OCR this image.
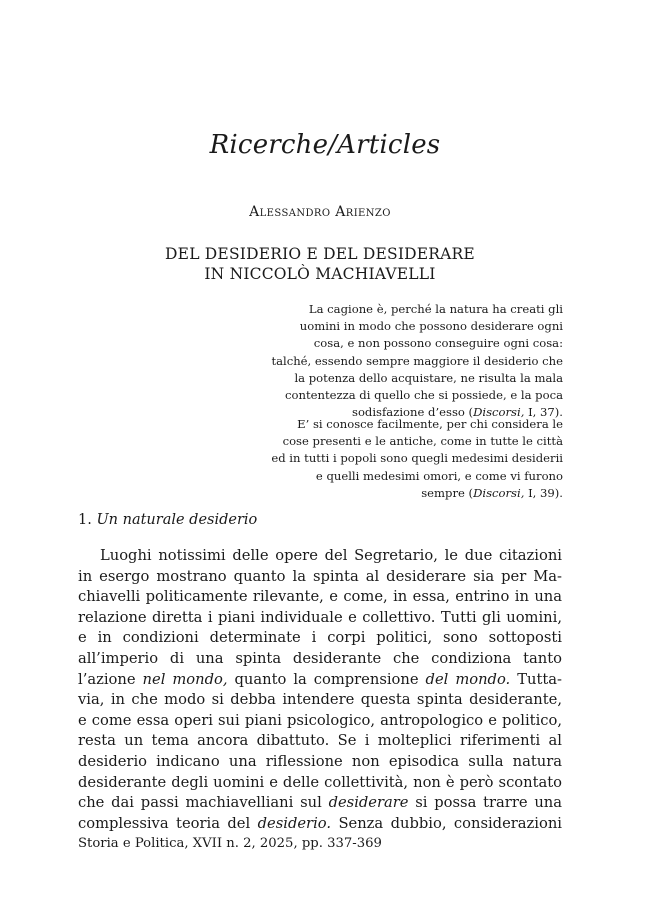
Ricerche/Articles
Alessandro Arienzo
DEL DESIDERIO E DEL DESIDERARE
IN NICCOLÒ MACHIAVELLI
La cagione è, perché la natura ha creati gli
uomini in modo che possono desiderare ogni
cosa, e non possono conseguire ogni cosa:
talché, essendo sempre maggiore il desiderio che
la potenza dello acquistare, ne risulta la mala
contentezza di quello che si possiede, e la poca
sodisfazione d’esso (Discorsi, I, 37).
E’ si conosce facilmente, per chi considera le
cose presenti e le antiche, come in tutte le città
ed in tutti i popoli sono quegli medesimi desiderii
e quelli medesimi omori, e come vi furono
sempre (Discorsi, I, 39).
1. Un naturale desiderio
Luoghi notissimi delle opere del Segretario, le due citazioni
in esergo mostrano quanto la spinta al desiderare sia per Ma-
chiavelli politicamente rilevante, e come, in essa, entrino in una
relazione diretta i piani individuale e collettivo. Tutti gli uomini,
e in condizioni determinate i corpi politici, sono sottoposti
all’imperio di una spinta desiderante che condiziona tanto
l’azione nel mondo, quanto la comprensione del mondo. Tutta-
via, in che modo si debba intendere questa spinta desiderante,
e come essa operi sui piani psicologico, antropologico e politico,
resta un tema ancora dibattuto. Se i molteplici riferimenti al
desiderio indicano una riflessione non episodica sulla natura
desiderante degli uomini e delle collettività, non è però scontato
che dai passi machiavelliani sul desiderare si possa trarre una
complessiva teoria del desiderio. Senza dubbio, considerazioni
Storia e Politica, XVII n. 2, 2025, pp. 337-369
